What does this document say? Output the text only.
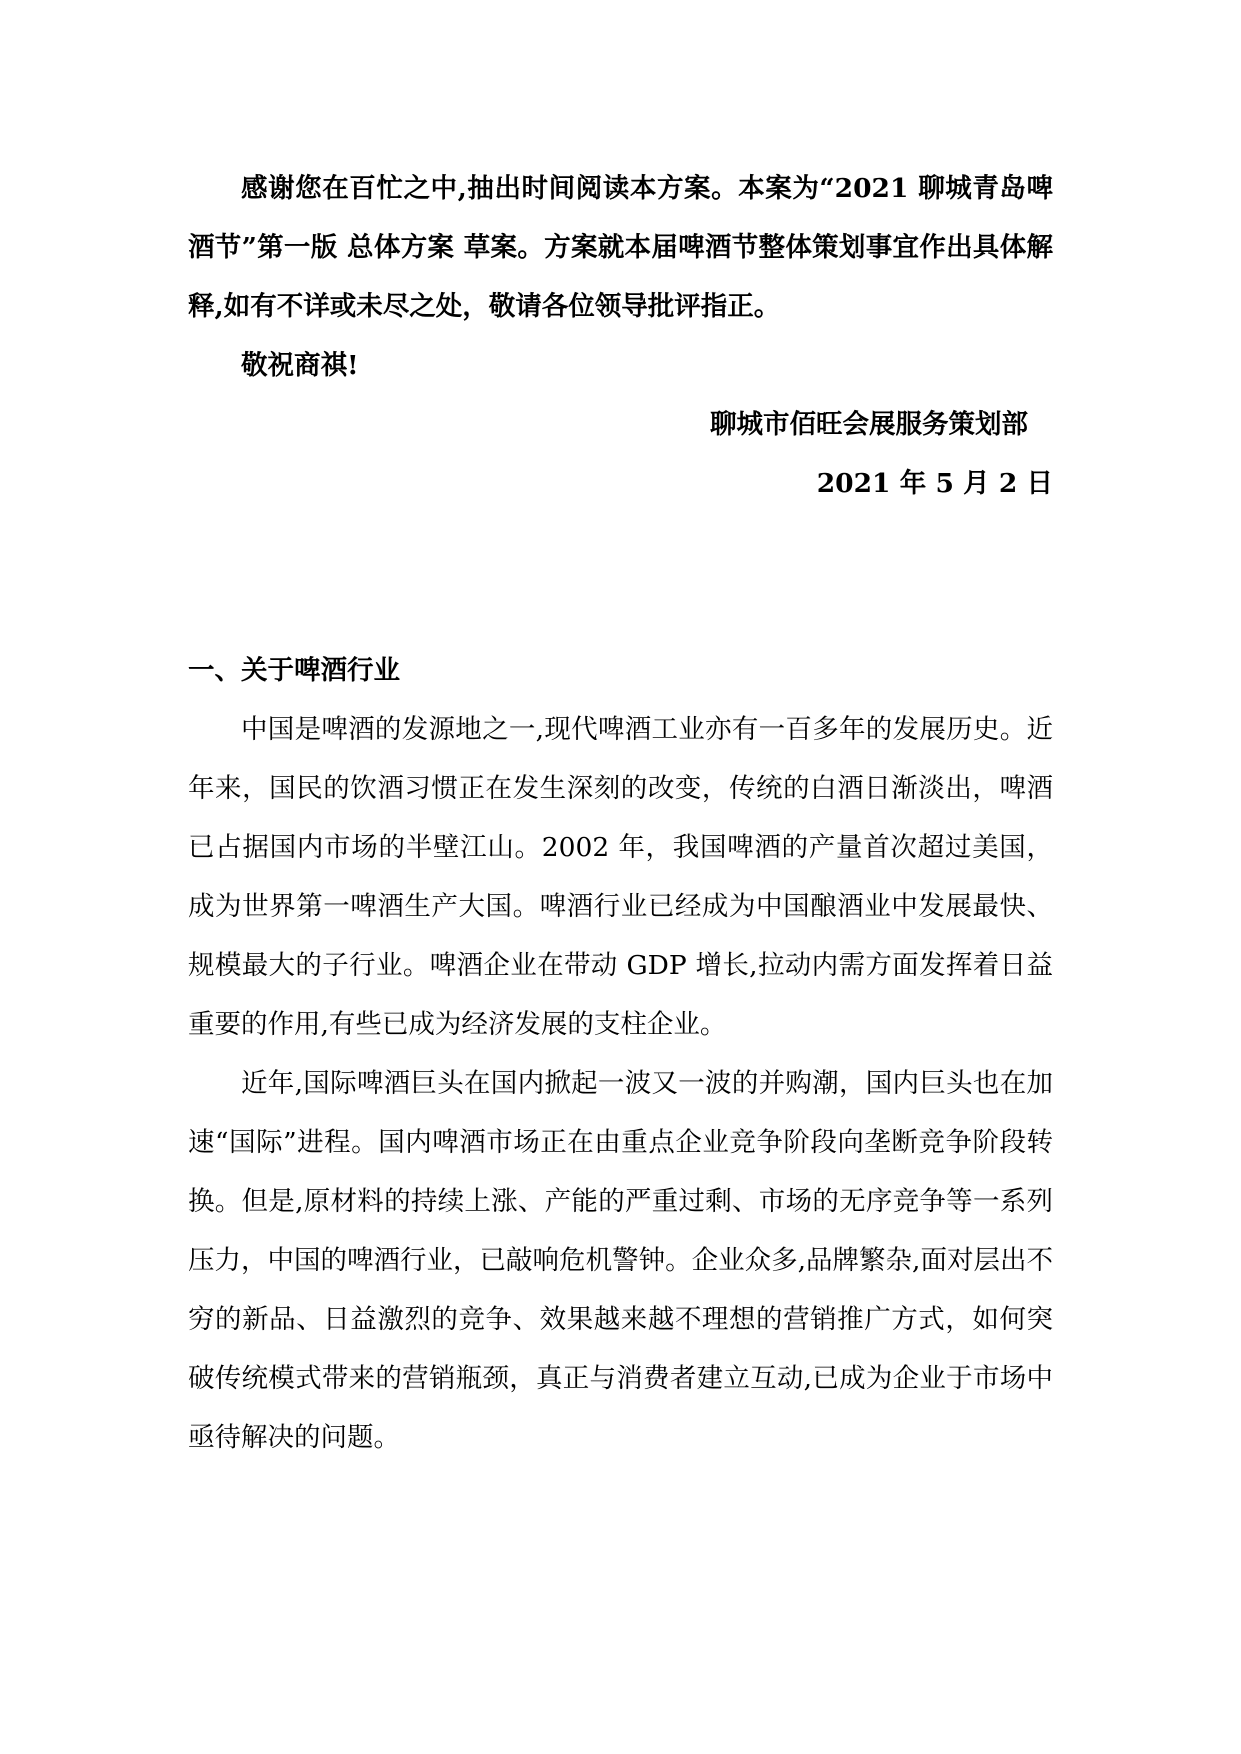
感谢您在百忙之中,抽出时间阅读本方案。本案为“2021 聊城青岛啤酒节”第一版 总体方案 草案。方案就本届啤酒节整体策划事宜作出具体解释,如有不详或未尽之处，敬请各位领导批评指正。

敬祝商祺!

聊城市佰旺会展服务策划部

2021 年 5 月 2 日

一、关于啤酒行业

中国是啤酒的发源地之一,现代啤酒工业亦有一百多年的发展历史。近年来，国民的饮酒习惯正在发生深刻的改变，传统的白酒日渐淡出，啤酒已占据国内市场的半壁江山。2002 年，我国啤酒的产量首次超过美国，成为世界第一啤酒生产大国。啤酒行业已经成为中国酿酒业中发展最快、规模最大的子行业。啤酒企业在带动 GDP 增长,拉动内需方面发挥着日益重要的作用,有些已成为经济发展的支柱企业。

近年,国际啤酒巨头在国内掀起一波又一波的并购潮，国内巨头也在加速“国际”进程。国内啤酒市场正在由重点企业竞争阶段向垄断竞争阶段转换。但是,原材料的持续上涨、产能的严重过剩、市场的无序竞争等一系列压力，中国的啤酒行业，已敲响危机警钟。企业众多,品牌繁杂,面对层出不穷的新品、日益激烈的竞争、效果越来越不理想的营销推广方式，如何突破传统模式带来的营销瓶颈，真正与消费者建立互动,已成为企业于市场中亟待解决的问题。
